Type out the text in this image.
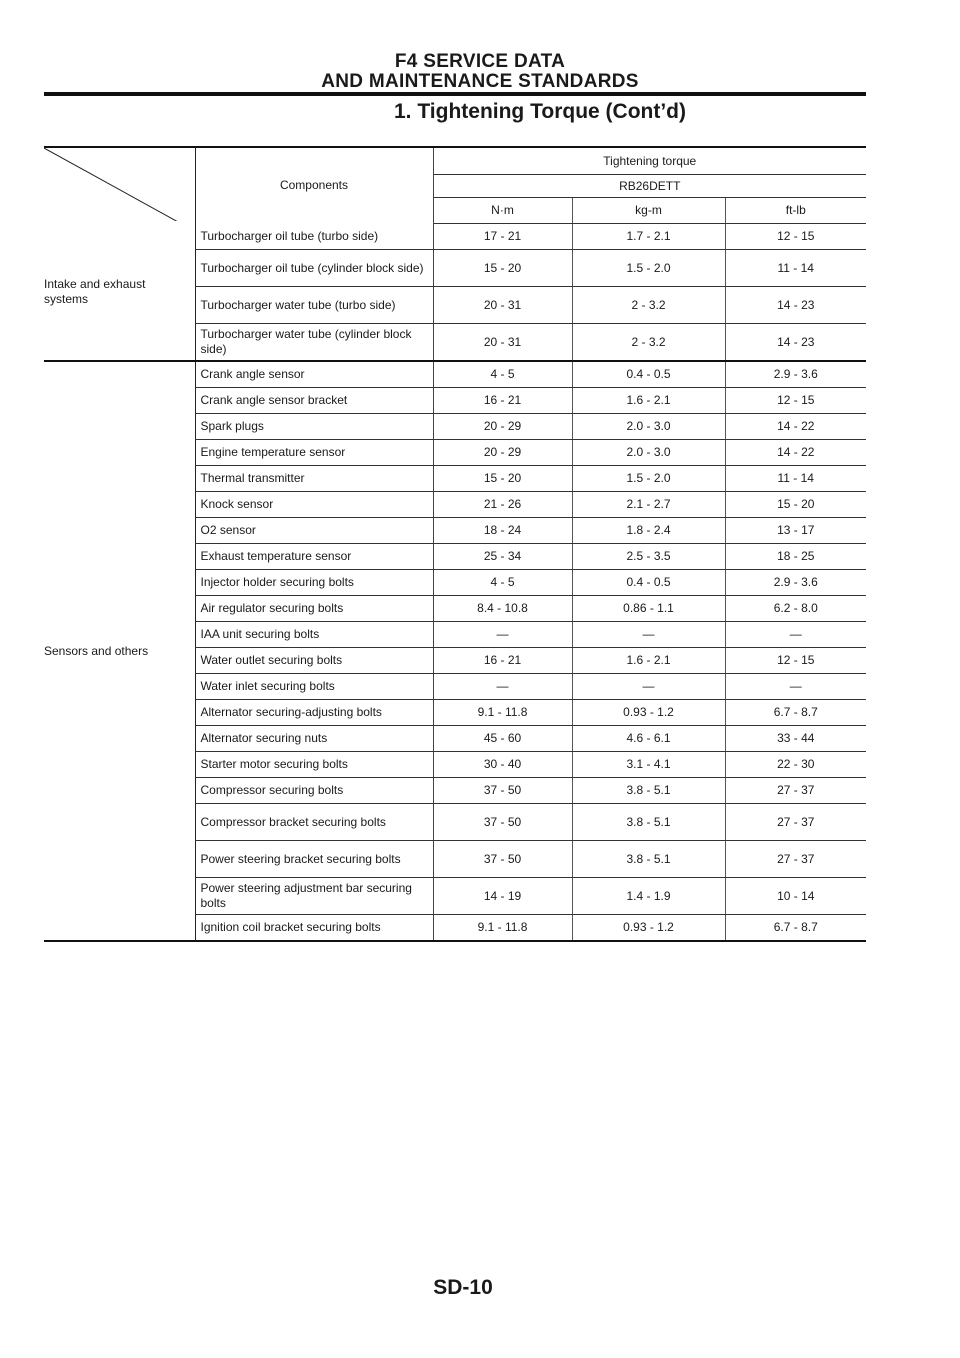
F4 SERVICE DATA
AND MAINTENANCE STANDARDS
1. Tightening Torque (Cont’d)
	Components	Tightening torque		
		RB26DETT		
		N·m	kg-m	ft-lb
Intake and exhaust systems	Turbocharger oil tube (turbo side)	17 - 21	1.7 - 2.1	12 - 15
	Turbocharger oil tube (cylinder block side)	15 - 20	1.5 - 2.0	11 - 14
	Turbocharger water tube (turbo side)	20 - 31	2 - 3.2	14 - 23
	Turbocharger water tube (cylinder block side)	20 - 31	2 - 3.2	14 - 23
Sensors and others	Crank angle sensor	4 - 5	0.4 - 0.5	2.9 - 3.6
	Crank angle sensor bracket	16 - 21	1.6 - 2.1	12 - 15
	Spark plugs	20 - 29	2.0 - 3.0	14 - 22
	Engine temperature sensor	20 - 29	2.0 - 3.0	14 - 22
	Thermal transmitter	15 - 20	1.5 - 2.0	11 - 14
	Knock sensor	21 - 26	2.1 - 2.7	15 - 20
	O2 sensor	18 - 24	1.8 - 2.4	13 - 17
	Exhaust temperature sensor	25 - 34	2.5 - 3.5	18 - 25
	Injector holder securing bolts	4 - 5	0.4 - 0.5	2.9 - 3.6
	Air regulator securing bolts	8.4 - 10.8	0.86 - 1.1	6.2 - 8.0
	IAA unit securing bolts	—	—	—
	Water outlet securing bolts	16 - 21	1.6 - 2.1	12 - 15
	Water inlet securing bolts	—	—	—
	Alternator securing-adjusting bolts	9.1 - 11.8	0.93 - 1.2	6.7 - 8.7
	Alternator securing nuts	45 - 60	4.6 - 6.1	33 - 44
	Starter motor securing bolts	30 - 40	3.1 - 4.1	22 - 30
	Compressor securing bolts	37 - 50	3.8 - 5.1	27 - 37
	Compressor bracket securing bolts	37 - 50	3.8 - 5.1	27 - 37
	Power steering bracket securing bolts	37 - 50	3.8 - 5.1	27 - 37
	Power steering adjustment bar securing bolts	14 - 19	1.4 - 1.9	10 - 14
	Ignition coil bracket securing bolts	9.1 - 11.8	0.93 - 1.2	6.7 - 8.7
SD-10
